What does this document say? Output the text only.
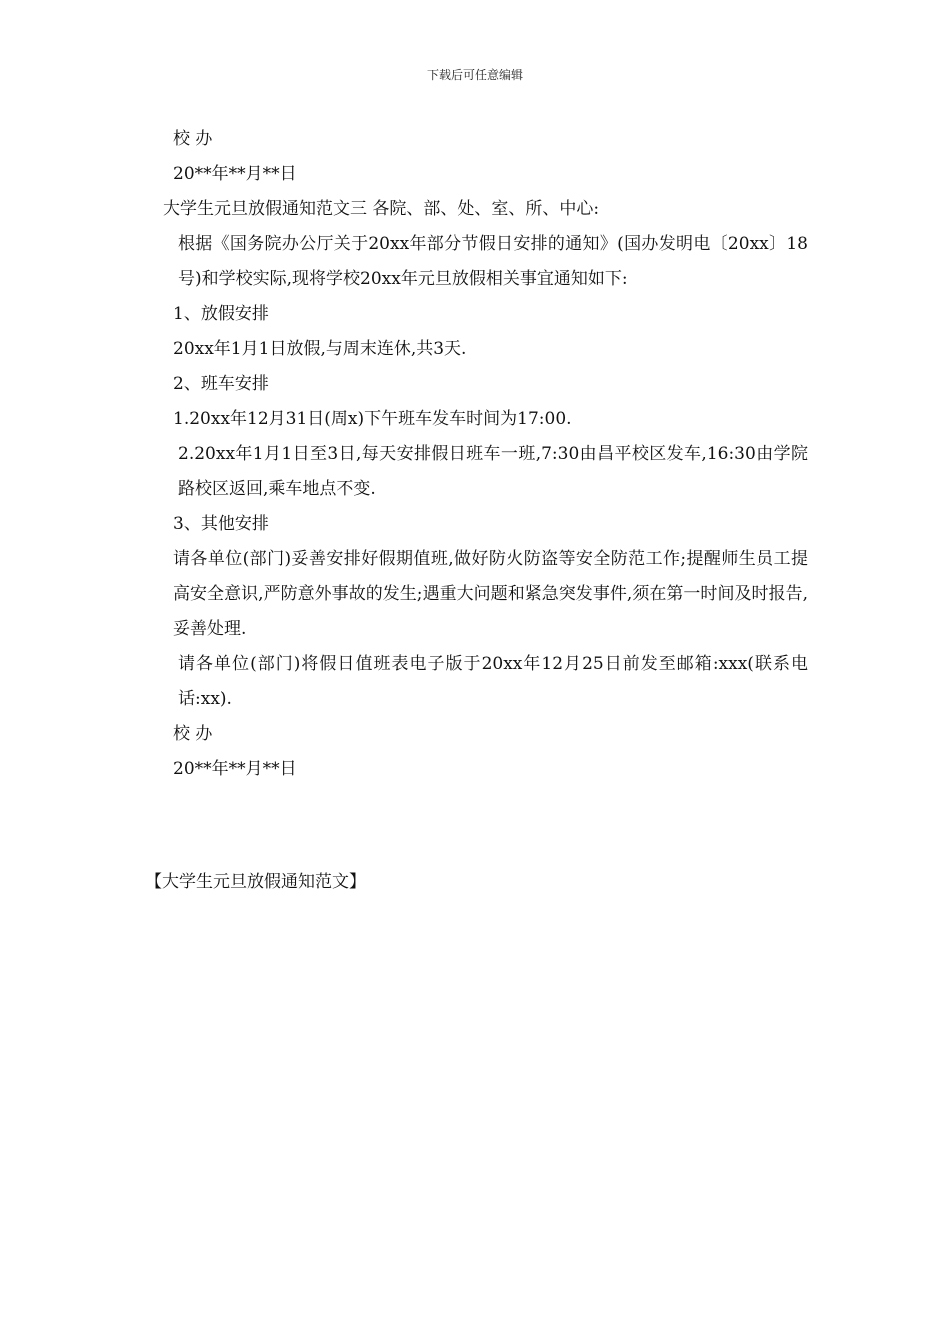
下载后可任意编辑
校 办
20**年**月**日
大学生元旦放假通知范文三 各院、部、处、室、所、中心:
根据《国务院办公厅关于20xx年部分节假日安排的通知》(国办发明电〔20xx〕18号)和学校实际,现将学校20xx年元旦放假相关事宜通知如下:
1、放假安排
20xx年1月1日放假,与周末连休,共3天.
2、班车安排
1.20xx年12月31日(周x)下午班车发车时间为17:00.
2.20xx年1月1日至3日,每天安排假日班车一班,7:30由昌平校区发车,16:30由学院路校区返回,乘车地点不变.
3、其他安排
请各单位(部门)妥善安排好假期值班,做好防火防盗等安全防范工作;提醒师生员工提高安全意识,严防意外事故的发生;遇重大问题和紧急突发事件,须在第一时间及时报告,妥善处理.
请各单位(部门)将假日值班表电子版于20xx年12月25日前发至邮箱:xxx(联系电话:xx).
校 办
20**年**月**日
【大学生元旦放假通知范文】
